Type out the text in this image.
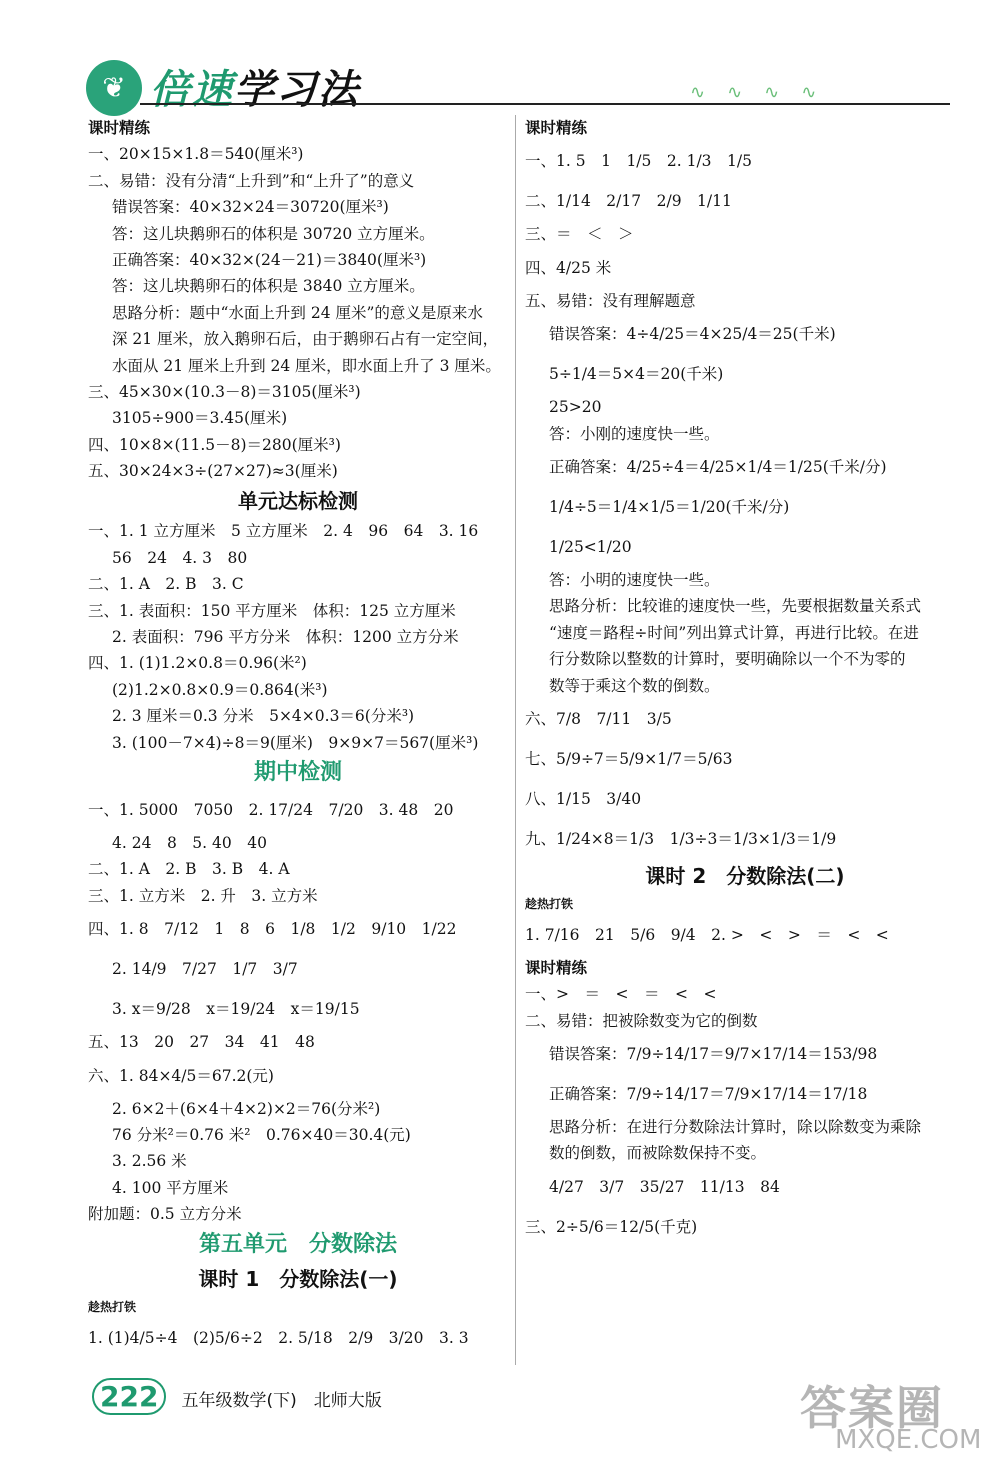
❦ 倍速学习法	∿∿∿∿
课时精练
一、20×15×1.8＝540(厘米³)
二、易错：没有分清“上升到”和“上升了”的意义
错误答案：40×32×24＝30720(厘米³)
答：这儿块鹅卵石的体积是 30720 立方厘米。
正确答案：40×32×(24－21)＝3840(厘米³)
答：这儿块鹅卵石的体积是 3840 立方厘米。
思路分析：题中“水面上升到 24 厘米”的意义是原来水
深 21 厘米，放入鹅卵石后，由于鹅卵石占有一定空间，
水面从 21 厘米上升到 24 厘米，即水面上升了 3 厘米。
三、45×30×(10.3－8)＝3105(厘米³)
3105÷900＝3.45(厘米)
四、10×8×(11.5－8)＝280(厘米³)
五、30×24×3÷(27×27)≈3(厘米)
单元达标检测
一、1. 1 立方厘米　5 立方厘米　2. 4　96　64　3. 16
56　24　4. 3　80
二、1. A　2. B　3. C
三、1. 表面积：150 平方厘米　体积：125 立方厘米
2. 表面积：796 平方分米　体积：1200 立方分米
四、1. (1)1.2×0.8＝0.96(米²)
(2)1.2×0.8×0.9＝0.864(米³)
2. 3 厘米＝0.3 分米　5×4×0.3＝6(分米³)
3. (100－7×4)÷8＝9(厘米)　9×9×7＝567(厘米³)
期中检测
一、1. 5000　7050　2. 17/24　7/20　3. 48　20
4. 24　8　5. 40　40
二、1. A　2. B　3. B　4. A
三、1. 立方米　2. 升　3. 立方米
四、1. 8　7/12　1　8　6　1/8　1/2　9/10　1/22
2. 14/9　7/27　1/7　3/7
3. x＝9/28　x＝19/24　x＝19/15
五、13　20　27　34　41　48
六、1. 84×4/5＝67.2(元)
2. 6×2＋(6×4＋4×2)×2＝76(分米²)
76 分米²＝0.76 米²　0.76×40＝30.4(元)
3. 2.56 米
4. 100 平方厘米
附加题：0.5 立方分米
第五单元　分数除法
课时 1　分数除法(一)
趁热打铁
1. (1)4/5÷4　(2)5/6÷2　2. 5/18　2/9　3/20　3. 3
课时精练
一、1. 5　1　1/5　2. 1/3　1/5
二、1/14　2/17　2/9　1/11
三、＝　＜　＞
四、4/25 米
五、易错：没有理解题意
错误答案：4÷4/25＝4×25/4＝25(千米)
5÷1/4＝5×4＝20(千米)
25>20
答：小刚的速度快一些。
正确答案：4/25÷4＝4/25×1/4＝1/25(千米/分)
1/4÷5＝1/4×1/5＝1/20(千米/分)
1/25<1/20
答：小明的速度快一些。
思路分析：比较谁的速度快一些，先要根据数量关系式
“速度＝路程÷时间”列出算式计算，再进行比较。在进
行分数除以整数的计算时，要明确除以一个不为零的
数等于乘这个数的倒数。
六、7/8　7/11　3/5
七、5/9÷7＝5/9×1/7＝5/63
八、1/15　3/40
九、1/24×8＝1/3　1/3÷3＝1/3×1/3＝1/9
课时 2　分数除法(二)
趁热打铁
1. 7/16　21　5/6　9/4　2. >　<　>　＝　<　<
课时精练
一、>　＝　<　＝　<　<
二、易错：把被除数变为它的倒数
错误答案：7/9÷14/17＝9/7×17/14＝153/98
正确答案：7/9÷14/17＝7/9×17/14＝17/18
思路分析：在进行分数除法计算时，除以除数变为乘除
数的倒数，而被除数保持不变。
4/27　3/7　35/27　11/13　84
三、2÷5/6＝12/5(千克)
222 五年级数学(下)　北师大版	答案圈
MXQE.COM
